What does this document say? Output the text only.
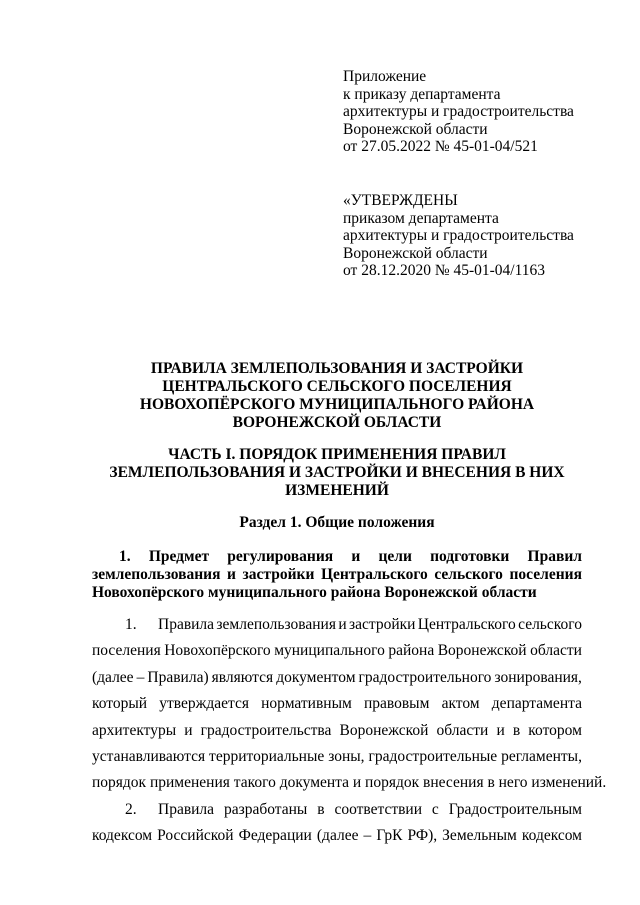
Приложение
к приказу департамента
архитектуры и градостроительства
Воронежской области
от 27.05.2022 № 45-01-04/521
«УТВЕРЖДЕНЫ
приказом департамента
архитектуры и градостроительства
Воронежской области
от 28.12.2020 № 45-01-04/1163
ПРАВИЛА ЗЕМЛЕПОЛЬЗОВАНИЯ И ЗАСТРОЙКИ
ЦЕНТРАЛЬСКОГО СЕЛЬСКОГО ПОСЕЛЕНИЯ
НОВОХОПЁРСКОГО МУНИЦИПАЛЬНОГО РАЙОНА
ВОРОНЕЖСКОЙ ОБЛАСТИ
ЧАСТЬ I. ПОРЯДОК ПРИМЕНЕНИЯ ПРАВИЛ
ЗЕМЛЕПОЛЬЗОВАНИЯ И ЗАСТРОЙКИ И ВНЕСЕНИЯ В НИХ
ИЗМЕНЕНИЙ
Раздел 1. Общие положения
1. Предмет регулирования и цели подготовки Правил
землепользования и застройки Центральского сельского поселения
Новохопёрского муниципального района Воронежской области
1.	Правила землепользования и застройки Центральского сельского
поселения Новохопёрского муниципального района Воронежской области
(далее – Правила) являются документом градостроительного зонирования,
который утверждается нормативным правовым актом департамента
архитектуры и градостроительства Воронежской области и в котором
устанавливаются территориальные зоны, градостроительные регламенты,
порядок применения такого документа и порядок внесения в него изменений.
2.	Правила разработаны в соответствии с Градостроительным
кодексом Российской Федерации (далее – ГрК РФ), Земельным кодексом
